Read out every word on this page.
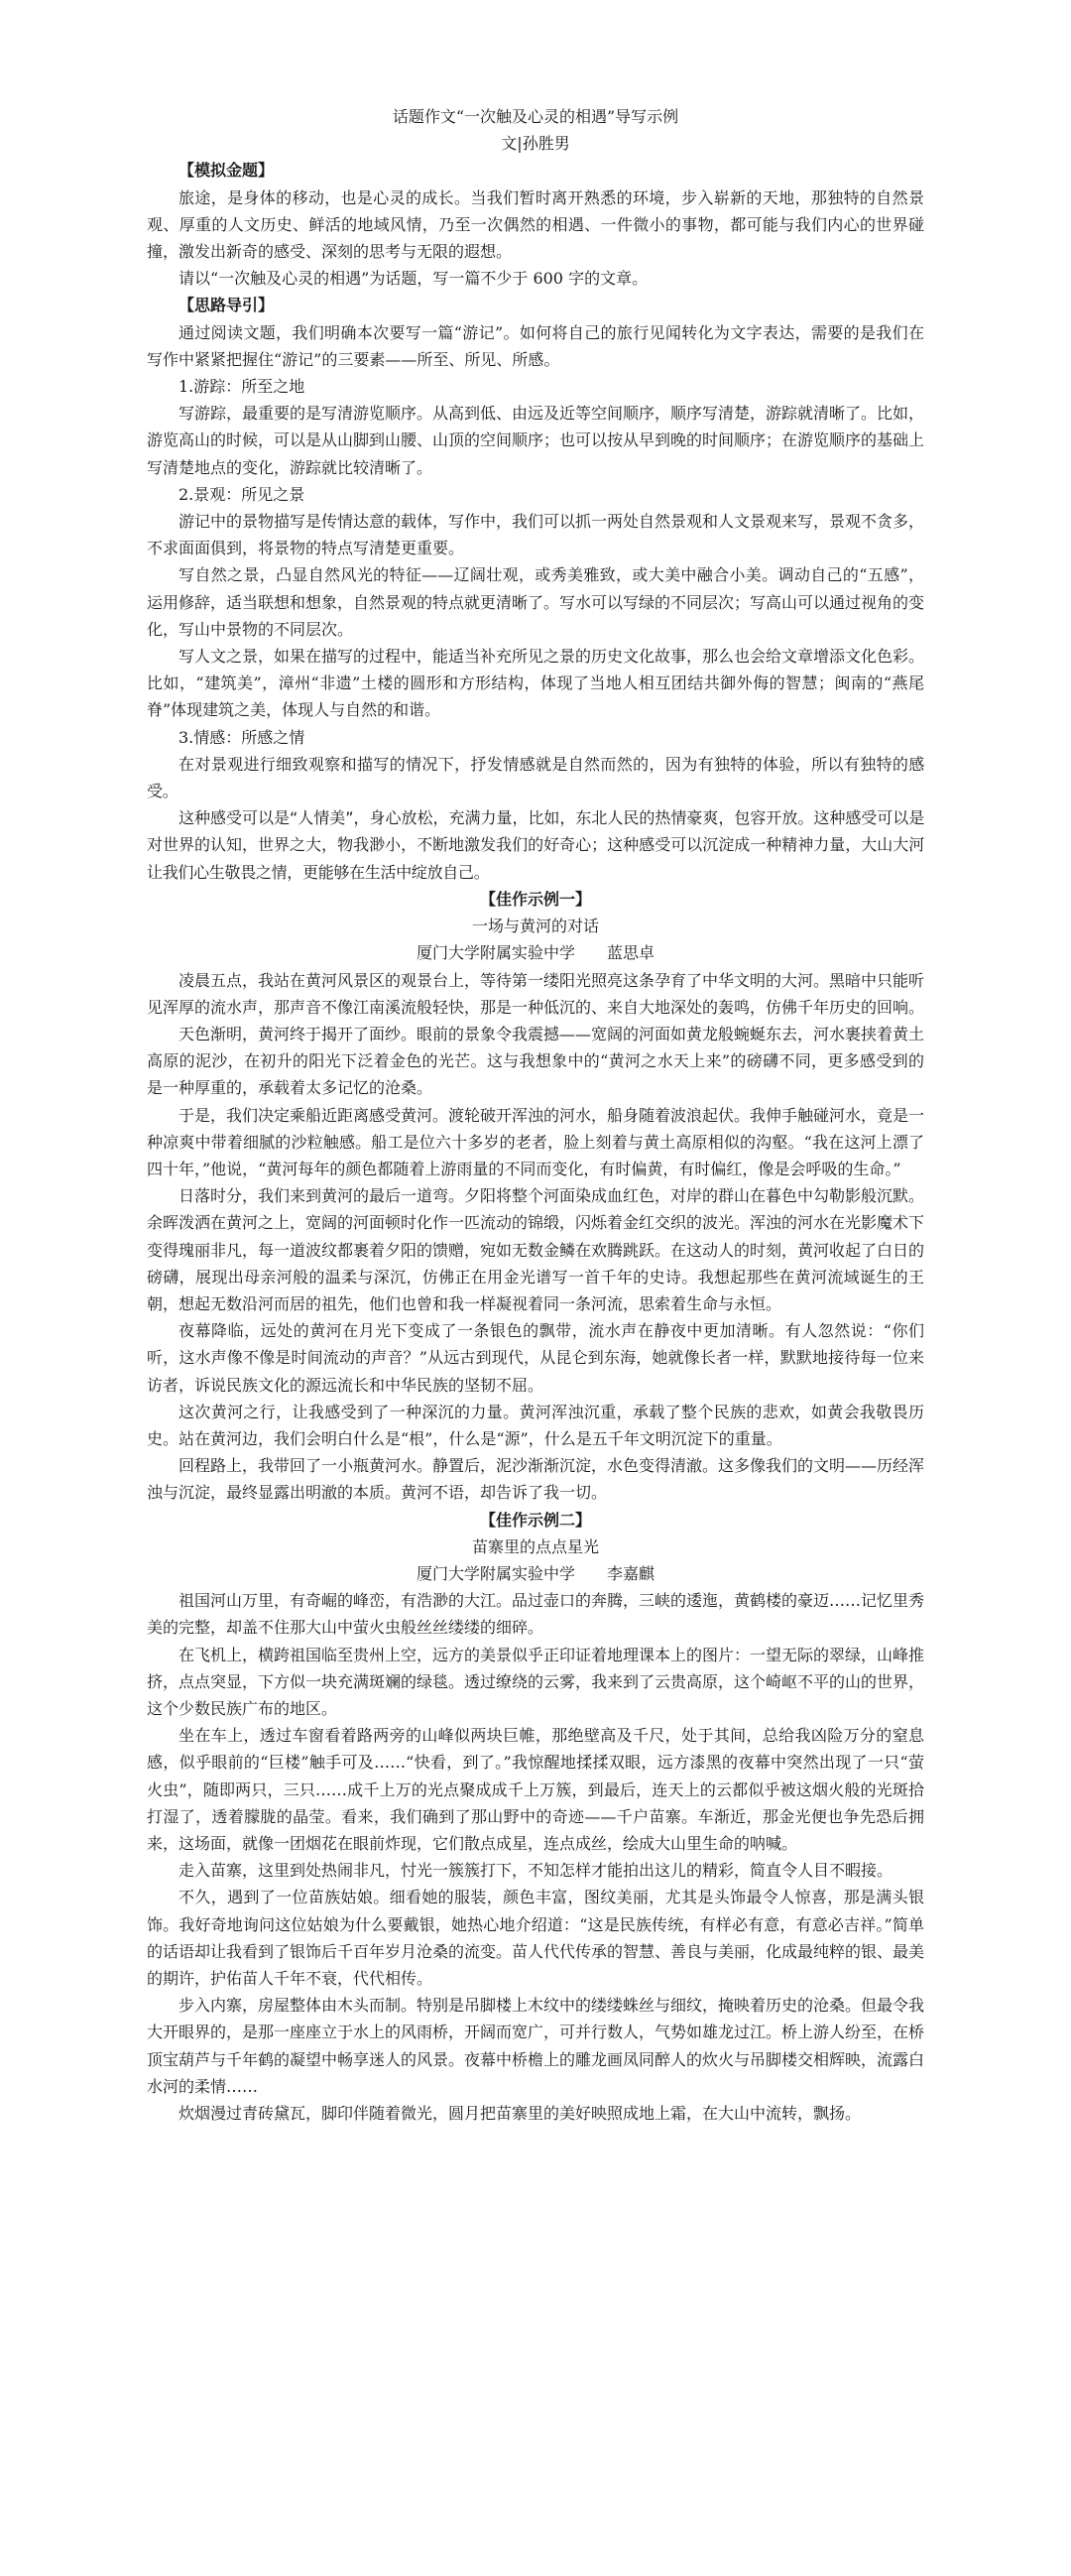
话题作文“一次触及心灵的相遇”导写示例

文|孙胜男

【模拟金题】

旅途，是身体的移动，也是心灵的成长。当我们暂时离开熟悉的环境，步入崭新的天地，那独特的自然景观、厚重的人文历史、鲜活的地域风情，乃至一次偶然的相遇、一件微小的事物，都可能与我们内心的世界碰撞，激发出新奇的感受、深刻的思考与无限的遐想。

请以“一次触及心灵的相遇”为话题，写一篇不少于 600 字的文章。

【思路导引】

通过阅读文题，我们明确本次要写一篇“游记”。如何将自己的旅行见闻转化为文字表达，需要的是我们在写作中紧紧把握住“游记”的三要素——所至、所见、所感。

1.游踪：所至之地

写游踪，最重要的是写清游览顺序。从高到低、由远及近等空间顺序，顺序写清楚，游踪就清晰了。比如，游览高山的时候，可以是从山脚到山腰、山顶的空间顺序；也可以按从早到晚的时间顺序；在游览顺序的基础上写清楚地点的变化，游踪就比较清晰了。

2.景观：所见之景

游记中的景物描写是传情达意的载体，写作中，我们可以抓一两处自然景观和人文景观来写，景观不贪多，不求面面俱到，将景物的特点写清楚更重要。

写自然之景，凸显自然风光的特征——辽阔壮观，或秀美雅致，或大美中融合小美。调动自己的“五感”，运用修辞，适当联想和想象，自然景观的特点就更清晰了。写水可以写绿的不同层次；写高山可以通过视角的变化，写山中景物的不同层次。

写人文之景，如果在描写的过程中，能适当补充所见之景的历史文化故事，那么也会给文章增添文化色彩。比如，“建筑美”，漳州“非遗”土楼的圆形和方形结构，体现了当地人相互团结共御外侮的智慧；闽南的“燕尾脊”体现建筑之美，体现人与自然的和谐。

3.情感：所感之情

在对景观进行细致观察和描写的情况下，抒发情感就是自然而然的，因为有独特的体验，所以有独特的感受。

这种感受可以是“人情美”，身心放松，充满力量，比如，东北人民的热情豪爽，包容开放。这种感受可以是对世界的认知，世界之大，物我渺小，不断地激发我们的好奇心；这种感受可以沉淀成一种精神力量，大山大河让我们心生敬畏之情，更能够在生活中绽放自己。

【佳作示例一】

一场与黄河的对话

厦门大学附属实验中学 蓝思卓

凌晨五点，我站在黄河风景区的观景台上，等待第一缕阳光照亮这条孕育了中华文明的大河。黑暗中只能听见浑厚的流水声，那声音不像江南溪流般轻快，那是一种低沉的、来自大地深处的轰鸣，仿佛千年历史的回响。

天色渐明，黄河终于揭开了面纱。眼前的景象令我震撼——宽阔的河面如黄龙般蜿蜒东去，河水裹挟着黄土高原的泥沙，在初升的阳光下泛着金色的光芒。这与我想象中的“黄河之水天上来”的磅礴不同，更多感受到的是一种厚重的，承载着太多记忆的沧桑。

于是，我们决定乘船近距离感受黄河。渡轮破开浑浊的河水，船身随着波浪起伏。我伸手触碰河水，竟是一种凉爽中带着细腻的沙粒触感。船工是位六十多岁的老者，脸上刻着与黄土高原相似的沟壑。“我在这河上漂了四十年，”他说，“黄河每年的颜色都随着上游雨量的不同而变化，有时偏黄，有时偏红，像是会呼吸的生命。”

日落时分，我们来到黄河的最后一道弯。夕阳将整个河面染成血红色，对岸的群山在暮色中勾勒影般沉默。余晖泼洒在黄河之上，宽阔的河面顿时化作一匹流动的锦缎，闪烁着金红交织的波光。浑浊的河水在光影魔术下变得瑰丽非凡，每一道波纹都裹着夕阳的馈赠，宛如无数金鳞在欢腾跳跃。在这动人的时刻，黄河收起了白日的磅礴，展现出母亲河般的温柔与深沉，仿佛正在用金光谱写一首千年的史诗。我想起那些在黄河流域诞生的王朝，想起无数沿河而居的祖先，他们也曾和我一样凝视着同一条河流，思索着生命与永恒。

夜幕降临，远处的黄河在月光下变成了一条银色的飘带，流水声在静夜中更加清晰。有人忽然说：“你们听，这水声像不像是时间流动的声音？”从远古到现代，从昆仑到东海，她就像长者一样，默默地接待每一位来访者，诉说民族文化的源远流长和中华民族的坚韧不屈。

这次黄河之行，让我感受到了一种深沉的力量。黄河浑浊沉重，承载了整个民族的悲欢，如黄会我敬畏历史。站在黄河边，我们会明白什么是“根”，什么是“源”，什么是五千年文明沉淀下的重量。

回程路上，我带回了一小瓶黄河水。静置后，泥沙渐渐沉淀，水色变得清澈。这多像我们的文明——历经浑浊与沉淀，最终显露出明澈的本质。黄河不语，却告诉了我一切。

【佳作示例二】

苗寨里的点点星光

厦门大学附属实验中学 李嘉麒

祖国河山万里，有奇崛的峰峦，有浩渺的大江。品过壶口的奔腾，三峡的逶迤，黄鹤楼的豪迈……记忆里秀美的完整，却盖不住那大山中萤火虫般丝丝缕缕的细碎。

在飞机上，横跨祖国临至贵州上空，远方的美景似乎正印证着地理课本上的图片：一望无际的翠绿，山峰推挤，点点突显，下方似一块充满斑斓的绿毯。透过缭绕的云雾，我来到了云贵高原，这个崎岖不平的山的世界，这个少数民族广布的地区。

坐在车上，透过车窗看着路两旁的山峰似两块巨帷，那绝壁高及千尺，处于其间，总给我凶险万分的窒息感，似乎眼前的“巨楼”触手可及……“快看，到了。”我惊醒地揉揉双眼，远方漆黑的夜幕中突然出现了一只“萤火虫”，随即两只，三只……成千上万的光点聚成成千上万簇，到最后，连天上的云都似乎被这烟火般的光斑拾打湿了，透着朦胧的晶莹。看来，我们确到了那山野中的奇迹——千户苗寨。车渐近，那金光便也争先恐后拥来，这场面，就像一团烟花在眼前炸现，它们散点成星，连点成丝，绘成大山里生命的呐喊。

走入苗寨，这里到处热闹非凡，忖光一簇簇打下，不知怎样才能拍出这儿的精彩，简直令人目不暇接。

不久，遇到了一位苗族姑娘。细看她的服装，颜色丰富，图纹美丽，尤其是头饰最令人惊喜，那是满头银饰。我好奇地询问这位姑娘为什么要戴银，她热心地介绍道：“这是民族传统，有样必有意，有意必吉祥。”简单的话语却让我看到了银饰后千百年岁月沧桑的流变。苗人代代传承的智慧、善良与美丽，化成最纯粹的银、最美的期许，护佑苗人千年不衰，代代相传。

步入内寨，房屋整体由木头而制。特别是吊脚楼上木纹中的缕缕蛛丝与细纹，掩映着历史的沧桑。但最令我大开眼界的，是那一座座立于水上的风雨桥，开阔而宽广，可并行数人，气势如雄龙过江。桥上游人纷至，在桥顶宝葫芦与千年鹤的凝望中畅享迷人的风景。夜幕中桥檐上的雕龙画凤同醉人的炊火与吊脚楼交相辉映，流露白水河的柔情……

炊烟漫过青砖黛瓦，脚印伴随着微光，圆月把苗寨里的美好映照成地上霜，在大山中流转，飘扬。
